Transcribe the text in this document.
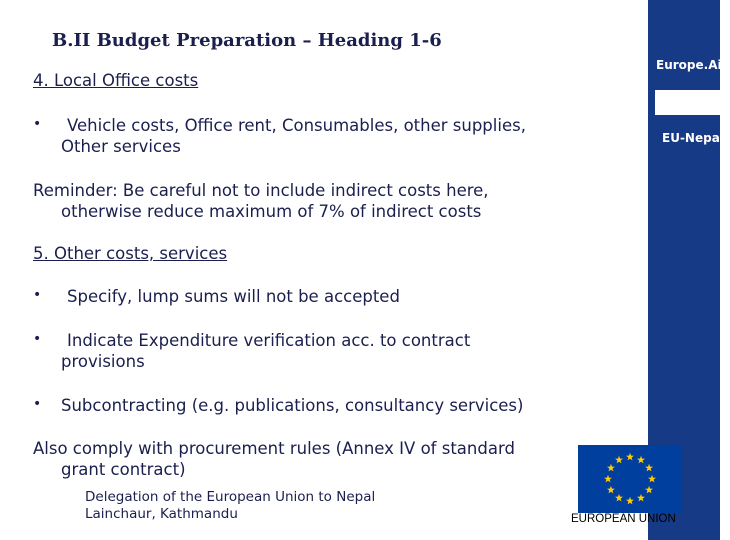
Europe.Aid
EU-Nepal
B.II Budget Preparation – Heading 1-6
4. Local Office costs
• Vehicle costs, Office rent, Consumables, other supplies,
Other services
Reminder: Be careful not to include indirect costs here,
otherwise reduce maximum of 7% of indirect costs
5. Other costs, services
• Specify, lump sums will not be accepted
• Indicate Expenditure verification acc. to contract
provisions
• Subcontracting (e.g. publications, consultancy services)
Also comply with procurement rules (Annex IV of standard
grant contract)
Delegation of the European Union to Nepal
Lainchaur, Kathmandu	EUROPEAN UNION
